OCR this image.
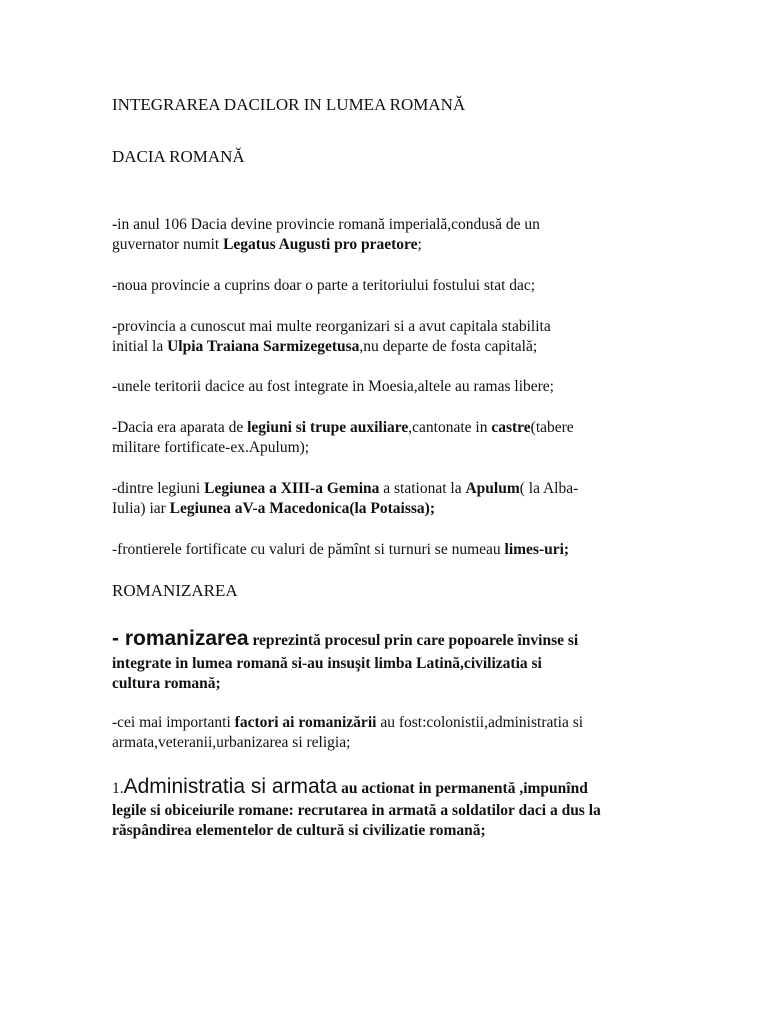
INTEGRAREA DACILOR IN LUMEA ROMANĂ
DACIA ROMANĂ
-in anul 106 Dacia devine provincie romană imperială,condusă de un
guvernator numit Legatus Augusti pro praetore;
-noua provincie a cuprins doar o parte a teritoriului fostului stat dac;
-provincia a cunoscut mai multe reorganizari si a avut capitala stabilita
initial la Ulpia Traiana Sarmizegetusa,nu departe de fosta capitală;
-unele teritorii dacice au fost integrate in Moesia,altele au ramas libere;
-Dacia era aparata de legiuni si trupe auxiliare,cantonate in castre(tabere
militare fortificate-ex.Apulum);
-dintre legiuni Legiunea a XIII-a Gemina a stationat la Apulum( la Alba-
Iulia) iar Legiunea aV-a Macedonica(la Potaissa);
-frontierele fortificate cu valuri de pămînt si turnuri se numeau limes-uri;
ROMANIZAREA
- romanizarea reprezintă procesul prin care popoarele învinse si
integrate in lumea romană si-au insuşit limba Latină,civilizatia si
cultura romană;
-cei mai importanti factori ai romanizării au fost:colonistii,administratia si
armata,veteranii,urbanizarea si religia;
1.Administratia si armata au actionat in permanentă ,impunînd
legile si obiceiurile romane: recrutarea in armată a soldatilor daci a dus la
răspândirea elementelor de cultură si civilizatie romană;
